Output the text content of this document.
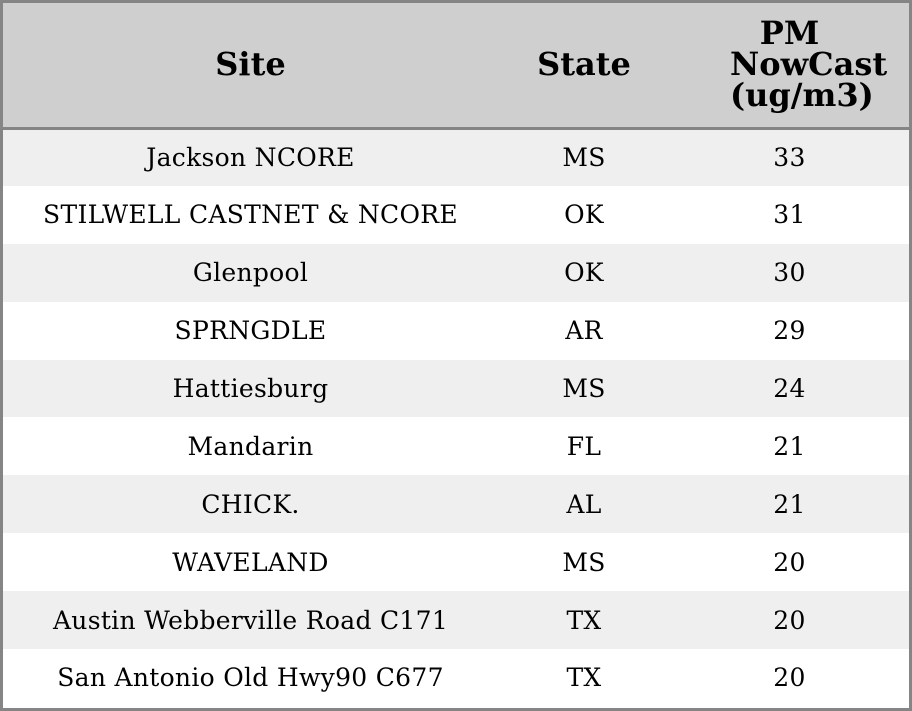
Site	State	PM NowCast (ug/m3)
Jackson NCORE	MS	33
STILWELL CASTNET & NCORE	OK	31
Glenpool	OK	30
SPRNGDLE	AR	29
Hattiesburg	MS	24
Mandarin	FL	21
CHICK.	AL	21
WAVELAND	MS	20
Austin Webberville Road C171	TX	20
San Antonio Old Hwy90 C677	TX	20
